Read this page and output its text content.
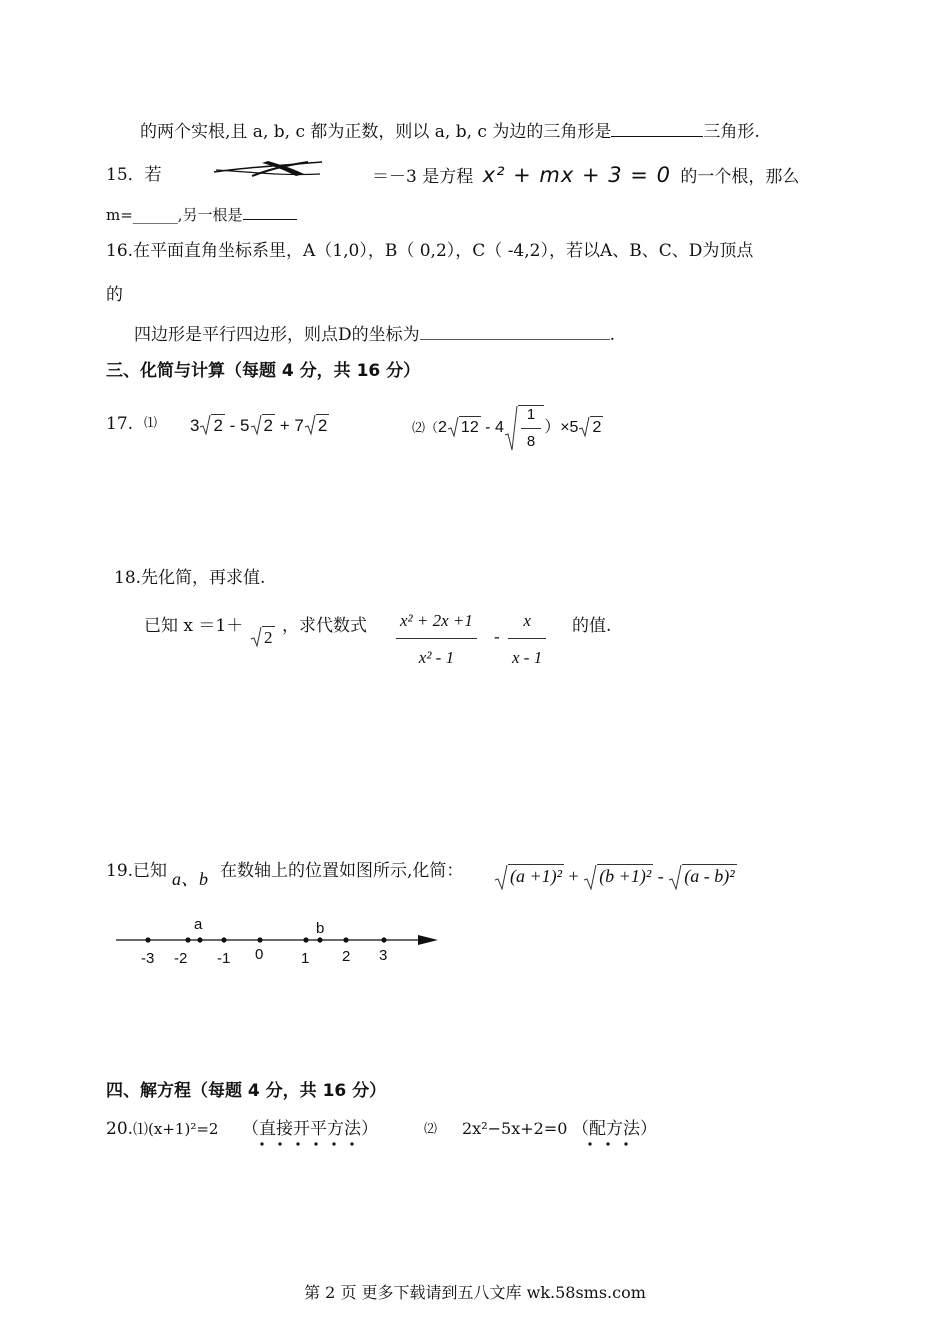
的两个实根,且 a, b, c 都为正数，则以 a, b, c 为边的三角形是	三角形.
15．若	＝－3 是方程 x² + mx + 3 = 0 的一个根，那么
m=______,另一根是
16.在平面直角坐标系里，A（1,0），B（ 0,2），C（ -4,2），若以A、B、C、D为顶点
的
四边形是平行四边形，则点D的坐标为	.
三、化简与计算（每题 4 分，共 16 分）
17. ⑴ 3 2 - 5 2 + 7 2	⑵（2 $12 - 4 \frac{1}{8} )\times 5$ 2
18.先化简，再求值.
已知 x ＝1＋
2
，求代数式 $\frac{\text{x² + 2x +1}}{\text{x² - 1}} - \frac{x}{x - 1}$ 的值.
19.已知 a、b 在数轴上的位置如图所示,化简：	(a +1)² + (b +1)² - (a - b)²
a	b
-3 -2 -1 0	1 2 3
四、解方程（每题 4 分，共 16 分）
20.⑴(x+1)²=2 （直接开平方法）	⑵ 2x²−5x+2=0 （配方法）
第 2 页 更多下载请到五八文库 wk.58sms.com
